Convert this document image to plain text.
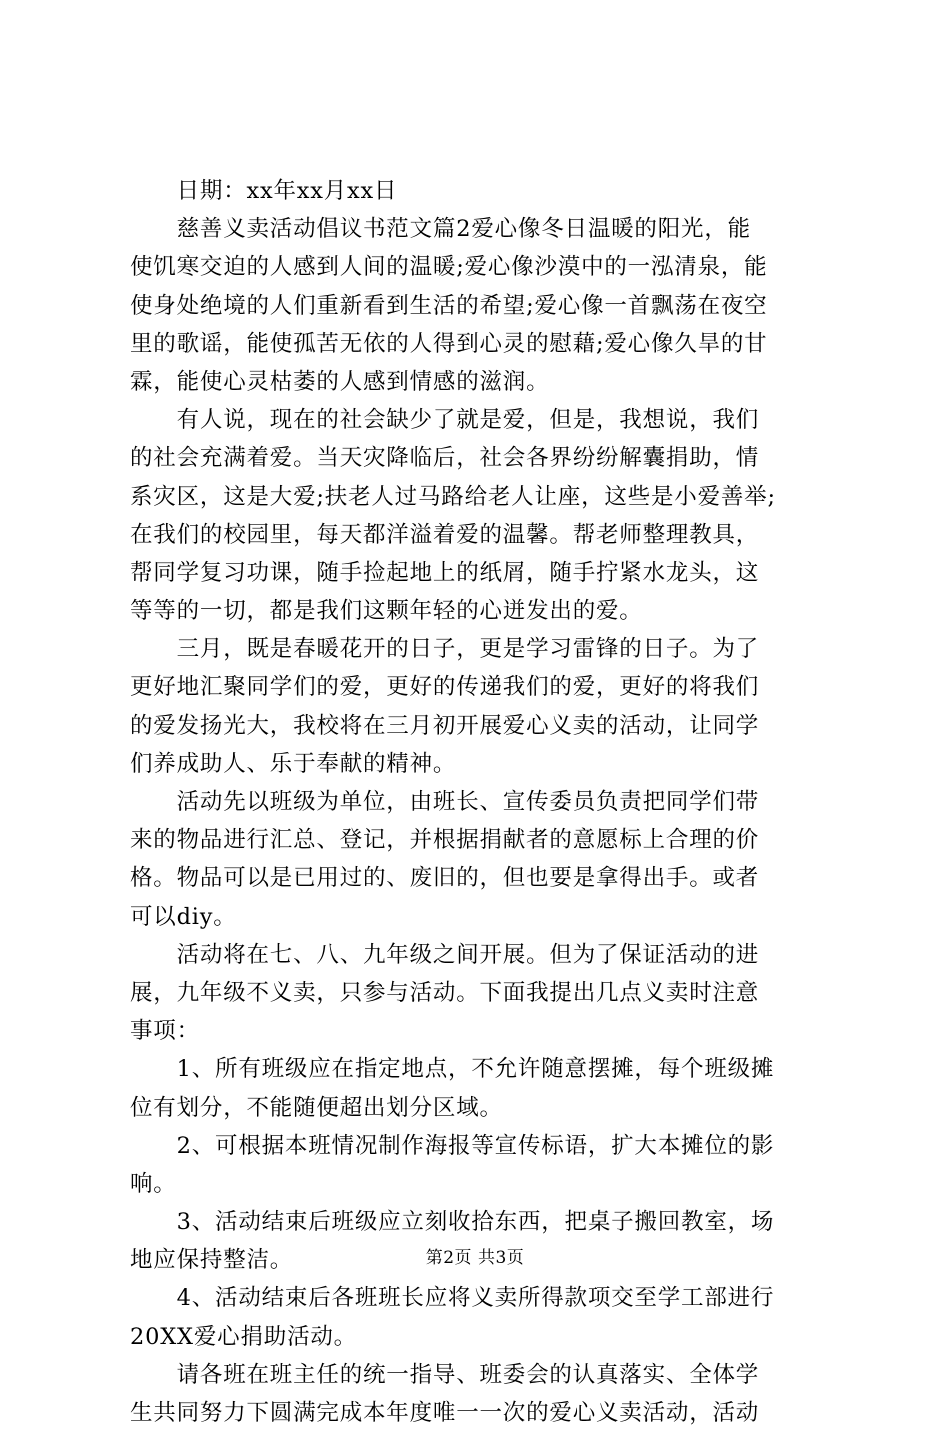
　　日期：xx年xx月xx日
　　慈善义卖活动倡议书范文篇2爱心像冬日温暖的阳光，能
使饥寒交迫的人感到人间的温暖;爱心像沙漠中的一泓清泉，能
使身处绝境的人们重新看到生活的希望;爱心像一首飘荡在夜空
里的歌谣，能使孤苦无依的人得到心灵的慰藉;爱心像久旱的甘
霖，能使心灵枯萎的人感到情感的滋润。
　　有人说，现在的社会缺少了就是爱，但是，我想说，我们
的社会充满着爱。当天灾降临后，社会各界纷纷解囊捐助，情
系灾区，这是大爱;扶老人过马路给老人让座，这些是小爱善举;
在我们的校园里，每天都洋溢着爱的温馨。帮老师整理教具，
帮同学复习功课，随手捡起地上的纸屑，随手拧紧水龙头，这
等等的一切，都是我们这颗年轻的心迸发出的爱。
　　三月，既是春暖花开的日子，更是学习雷锋的日子。为了
更好地汇聚同学们的爱，更好的传递我们的爱，更好的将我们
的爱发扬光大，我校将在三月初开展爱心义卖的活动，让同学
们养成助人、乐于奉献的精神。
　　活动先以班级为单位，由班长、宣传委员负责把同学们带
来的物品进行汇总、登记，并根据捐献者的意愿标上合理的价
格。物品可以是已用过的、废旧的，但也要是拿得出手。或者
可以diy。
　　活动将在七、八、九年级之间开展。但为了保证活动的进
展，九年级不义卖，只参与活动。下面我提出几点义卖时注意
事项：
　　1、所有班级应在指定地点，不允许随意摆摊，每个班级摊
位有划分，不能随便超出划分区域。
　　2、可根据本班情况制作海报等宣传标语，扩大本摊位的影
响。
　　3、活动结束后班级应立刻收拾东西，把桌子搬回教室，场
地应保持整洁。
　　4、活动结束后各班班长应将义卖所得款项交至学工部进行
20XX爱心捐助活动。
　　请各班在班主任的统一指导、班委会的认真落实、全体学
生共同努力下圆满完成本年度唯一一次的爱心义卖活动，活动
第2页 共3页
